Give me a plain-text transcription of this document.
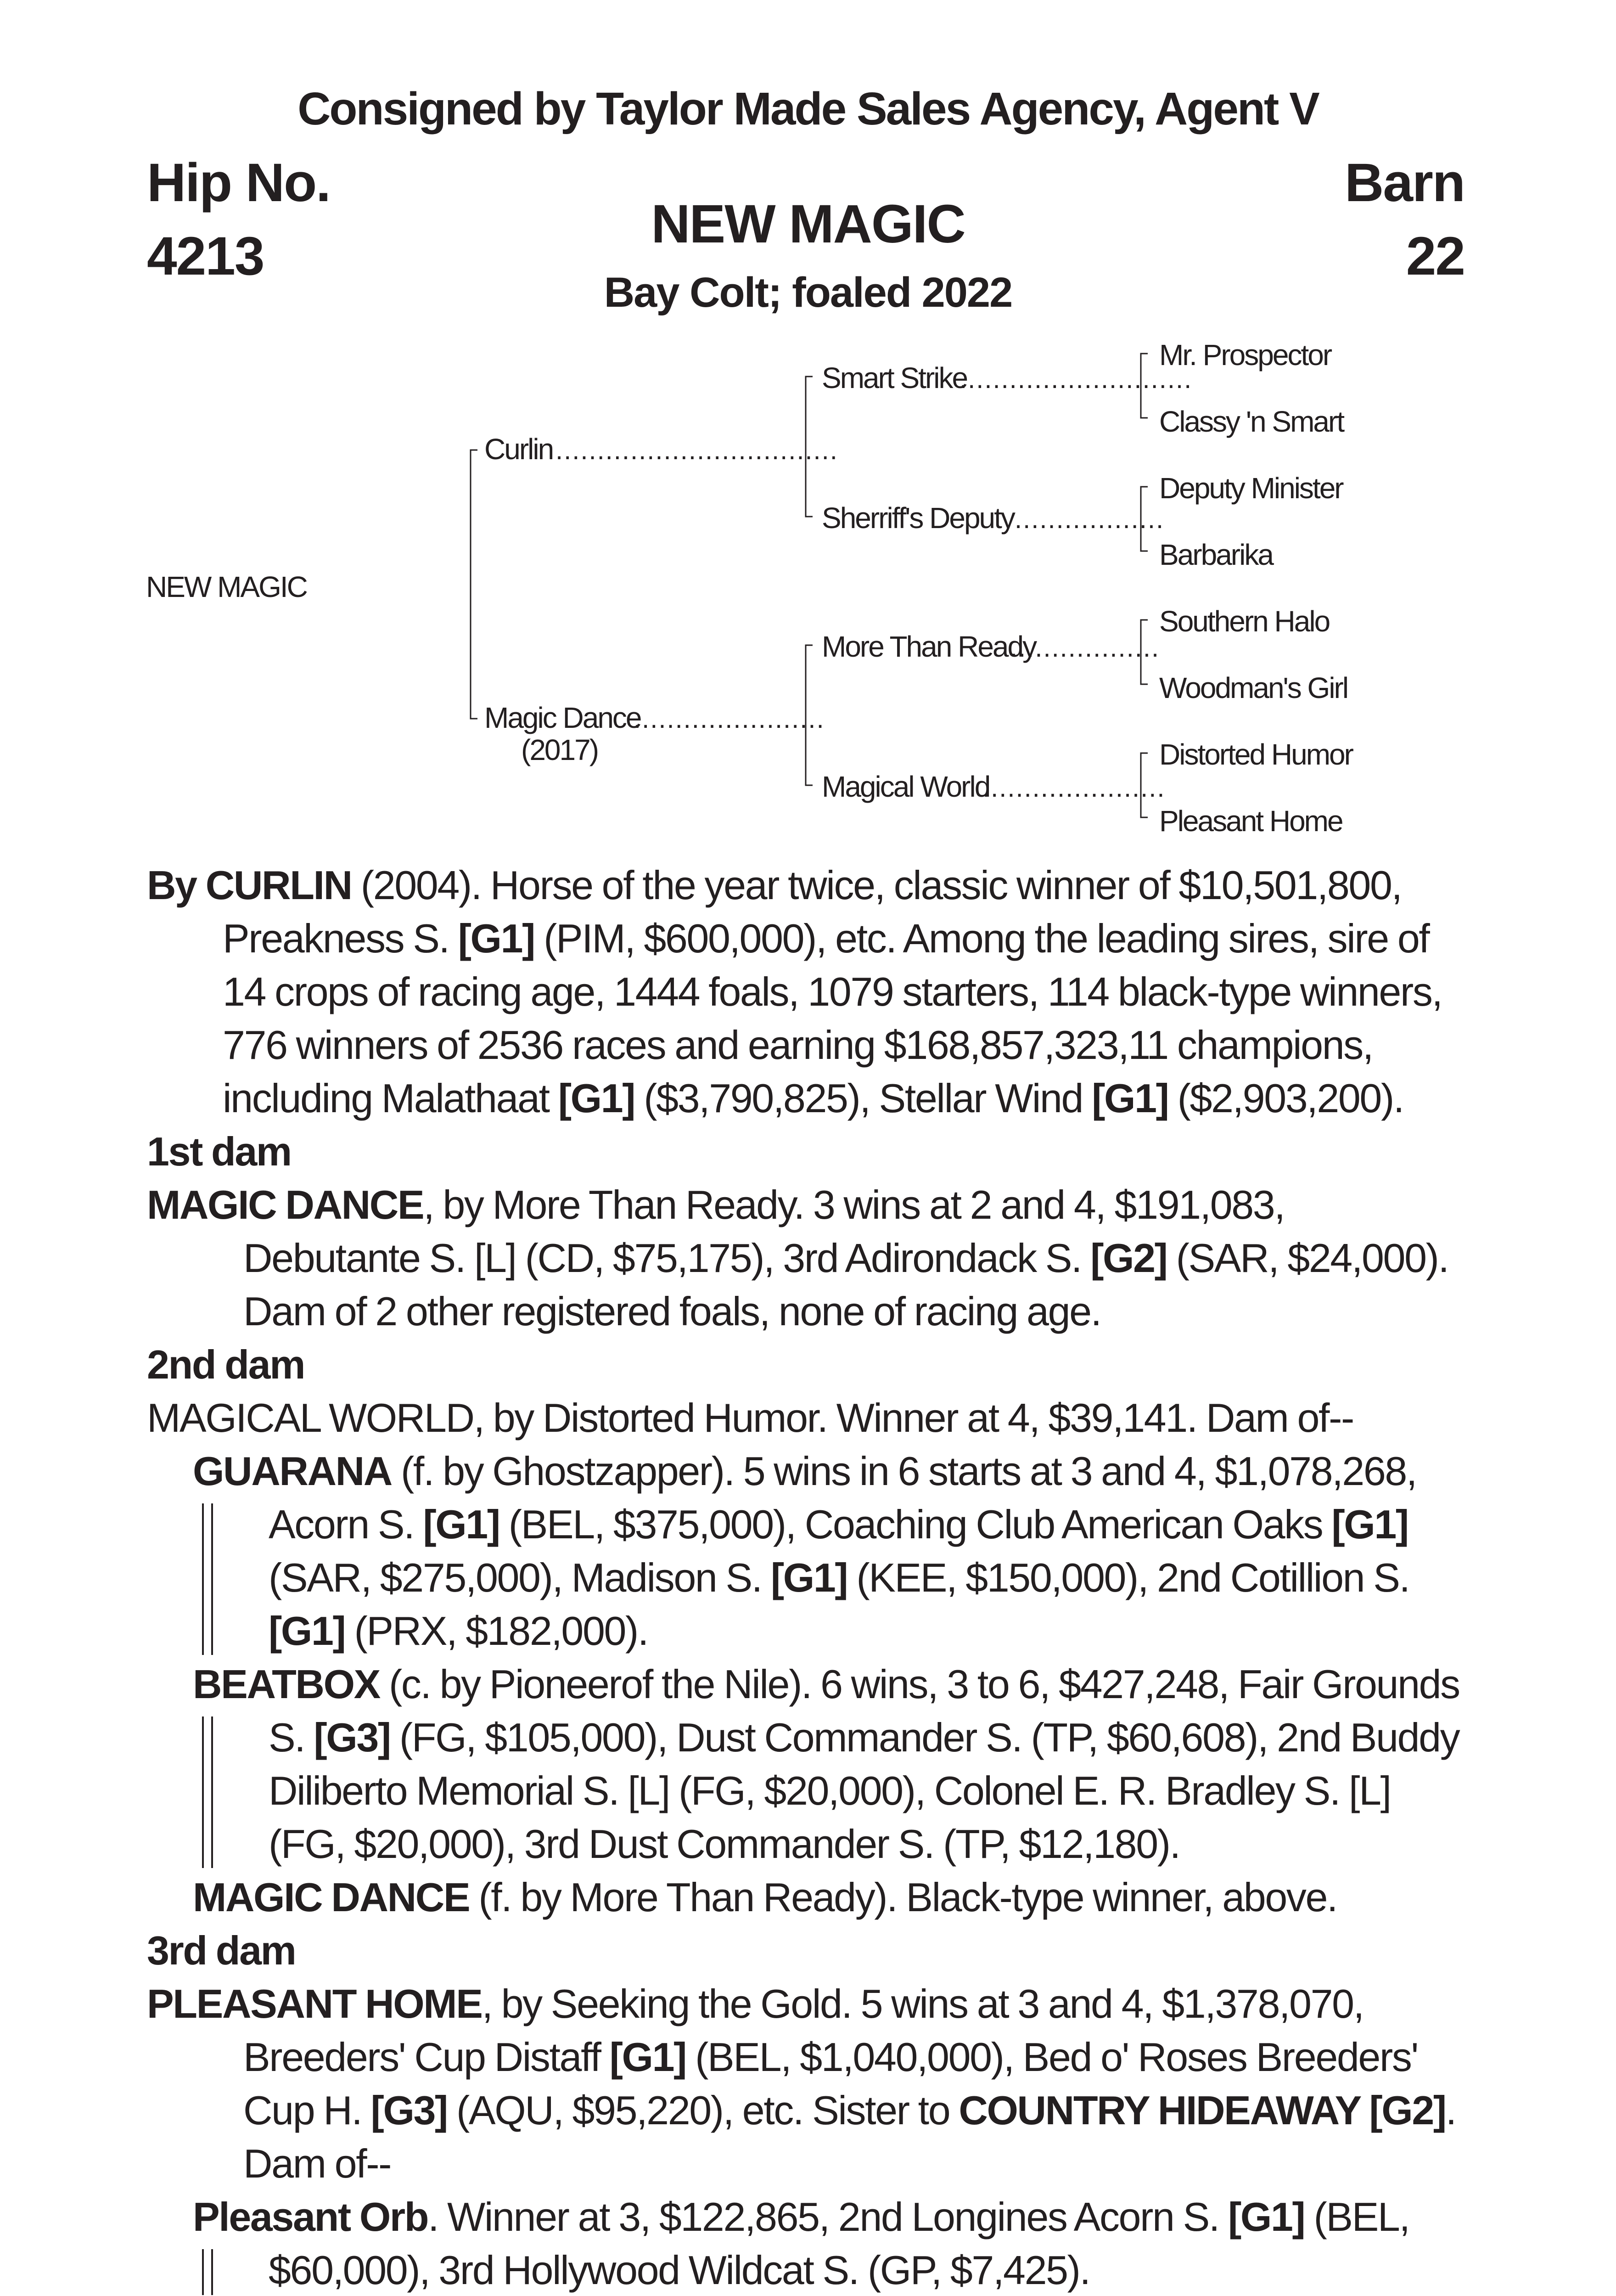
Consigned by Taylor Made Sales Agency, Agent V
Hip No.
4213
Barn
22
NEW MAGIC
Bay Colt; foaled 2022
NEW MAGIC
Curlin ..................................
Magic Dance
.......................
(2017)
Smart Strike
............................
Sherriff's Deputy ..................
More Than Ready
..................
Magical World
......................
Mr. Prospector
Classy 'n Smart
Deputy Minister
Barbarika
Southern Halo
Woodman's Girl
Distorted Humor
Pleasant Home

By CURLIN (2004). Horse of the year twice, classic winner of $10,501,800, Preakness S. [G1] (PIM, $600,000), etc. Among the leading sires, sire of 14 crops of racing age, 1444 foals, 1079 starters, 114 black-type winners, 776 winners of 2536 races and earning $168,857,323,11 champions, including Malathaat [G1] ($3,790,825), Stellar Wind [G1] ($2,903,200).

1st dam

MAGIC DANCE, by More Than Ready. 3 wins at 2 and 4, $191,083, Debutante S. [L] (CD, $75,175), 3rd Adirondack S. [G2] (SAR, $24,000). Dam of 2 other registered foals, none of racing age.

2nd dam

MAGICAL WORLD, by Distorted Humor. Winner at 4, $39,141. Dam of--

GUARANA (f. by Ghostzapper). 5 wins in 6 starts at 3 and 4, $1,078,268, Acorn S. [G1] (BEL, $375,000), Coaching Club American Oaks [G1] (SAR, $275,000), Madison S. [G1] (KEE, $150,000), 2nd Cotillion S. [G1] (PRX, $182,000).

BEATBOX (c. by Pioneerof the Nile). 6 wins, 3 to 6, $427,248, Fair Grounds S. [G3] (FG, $105,000), Dust Commander S. (TP, $60,608), 2nd Buddy Diliberto Memorial S. [L] (FG, $20,000), Colonel E. R. Bradley S. [L] (FG, $20,000), 3rd Dust Commander S. (TP, $12,180).

MAGIC DANCE (f. by More Than Ready). Black-type winner, above.

3rd dam

PLEASANT HOME, by Seeking the Gold. 5 wins at 3 and 4, $1,378,070, Breeders' Cup Distaff [G1] (BEL, $1,040,000), Bed o' Roses Breeders' Cup H. [G3] (AQU, $95,220), etc. Sister to COUNTRY HIDEAWAY [G2]. Dam of--

Pleasant Orb. Winner at 3, $122,865, 2nd Longines Acorn S. [G1] (BEL, $60,000), 3rd Hollywood Wildcat S. (GP, $7,425).
